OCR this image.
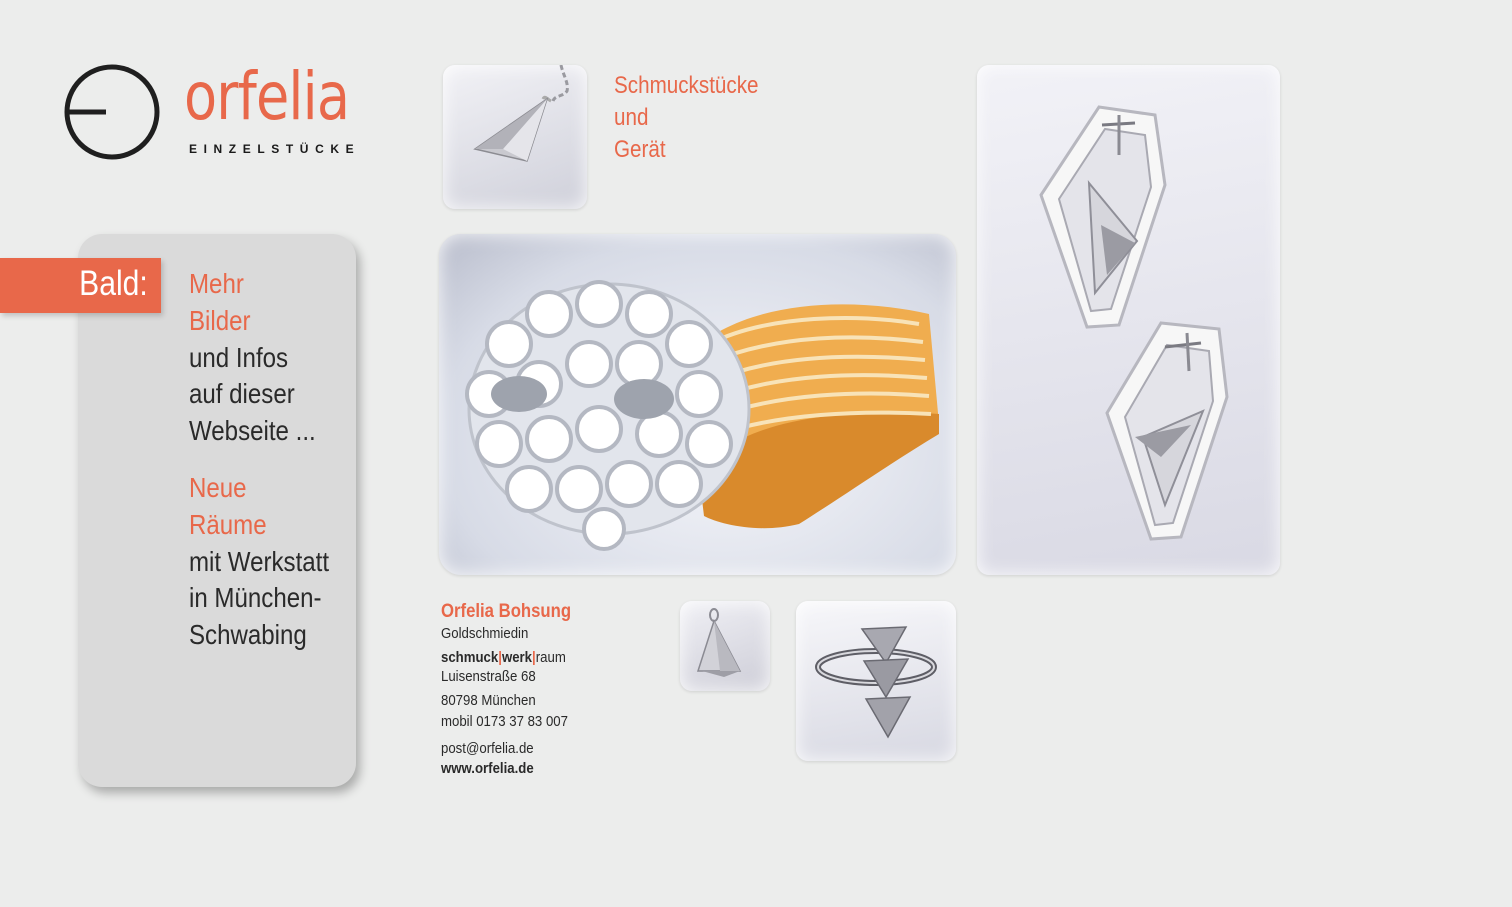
orfelia
EINZELSTÜCKE
Bald: Mehr
Bilder
und Infos
auf dieser
Webseite ...
Neue
Räume
mit Werkstatt
in München-
Schwabing
Schmuckstücke
und
Gerät
Orfelia Bohsung
Goldschmiedin
schmuck|werk|raum
Luisenstraße 68
80798 München
mobil 0173 37 83 007
post@orfelia.de
www.orfelia.de
